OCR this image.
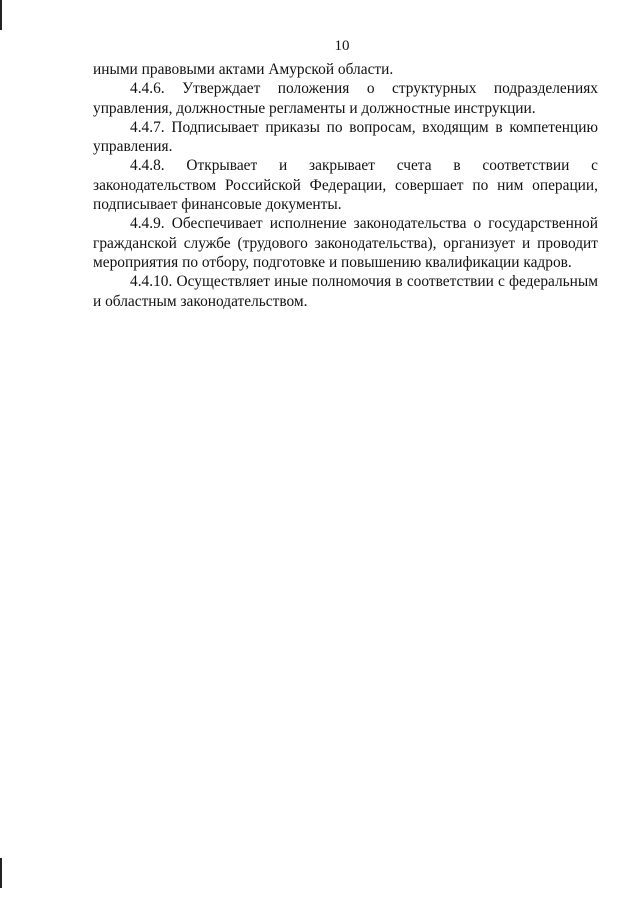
10

иными правовыми актами Амурской области.

4.4.6. Утверждает положения о структурных подразделениях управления, должностные регламенты и должностные инструкции.

4.4.7. Подписывает приказы по вопросам, входящим в компетенцию управления.

4.4.8. Открывает и закрывает счета в соответствии с законодательством Российской Федерации, совершает по ним операции, подписывает финансовые документы.

4.4.9. Обеспечивает исполнение законодательства о государственной гражданской службе (трудового законодательства), организует и проводит мероприятия по отбору, подготовке и повышению квалификации кадров.

4.4.10. Осуществляет иные полномочия в соответствии с федеральным и областным законодательством.
